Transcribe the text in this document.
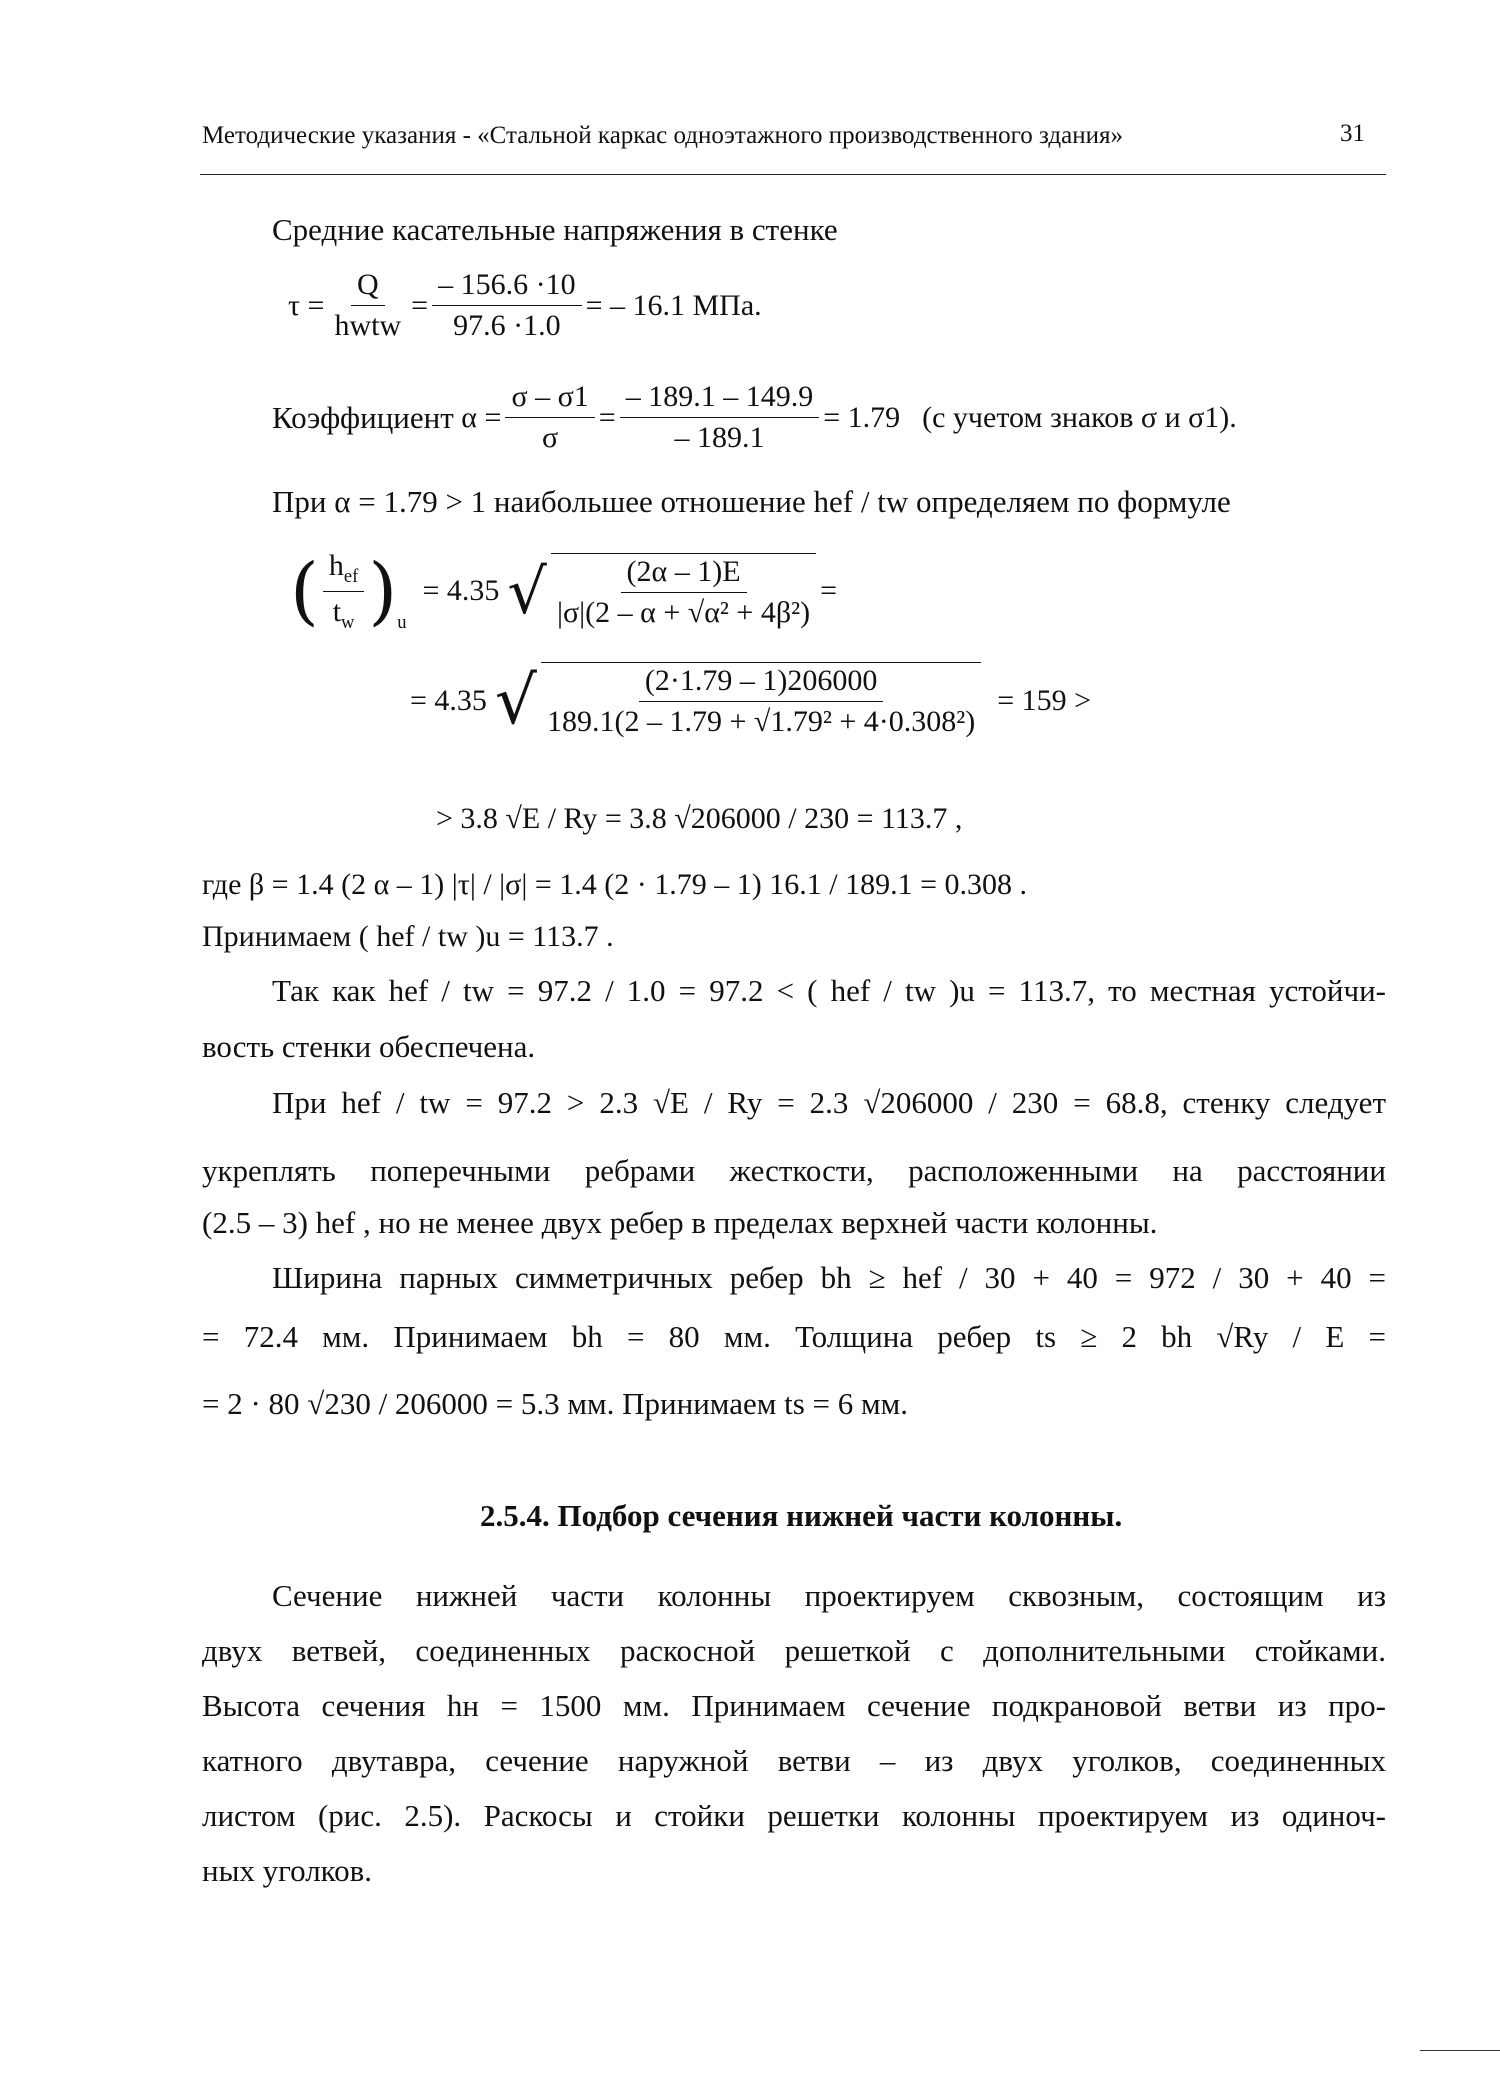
Методические указания - «Стальной каркас одноэтажного производственного здания»	31
Средние касательные напряжения в стенке
$\tau = \frac{Q}{\text{hwtw}} = \frac{- 156.6 \cdot 10}{97.6 \cdot 1.0}$ = – 16.1 МПа.
Коэффициент $\alpha = \frac{\sigma - \sigma 1}{\sigma} = \frac{- 189.1 - 149.9}{- 189.1} = 1.79$ (с учетом знаков σ и σ1).
При α = 1.79 > 1 наибольшее отношение hef / tw определяем по формуле
( $\frac{h_{ef}}{t_w} )_u$
= 4.35 √ $\frac{(2\alpha - 1)E}{\text{|σ|(2 – α + √α² + 4β²)}}$ =
= 4.35 √ $\frac{(2\cdot 1.79 - 1)206000}{\text{189.1(2 – 1.79 + √1.79² + 4·0.308²)}} = 159$ >
> 3.8 √E / Ry = 3.8 √206000 / 230 = 113.7 ,
где β = 1.4 (2 α – 1) |τ| / |σ| = 1.4 (2 · 1.79 – 1) 16.1 / 189.1 = 0.308 .
Принимаем ( hef / tw )u = 113.7 .
Так как hef / tw = 97.2 / 1.0 = 97.2 < ( hef / tw )u = 113.7, то местная устойчи-
вость стенки обеспечена.
При hef / tw = 97.2 > 2.3 √E / Ry = 2.3 √206000 / 230 = 68.8, стенку следует
укреплять поперечными ребрами жесткости, расположенными на расстоянии
(2.5 – 3) hef , но не менее двух ребер в пределах верхней части колонны.
Ширина парных симметричных ребер bh ≥ hef / 30 + 40 = 972 / 30 + 40 =
= 72.4 мм. Принимаем bh = 80 мм. Толщина ребер ts ≥ 2 bh √Ry / E =
= 2 · 80 √230 / 206000 = 5.3 мм. Принимаем ts = 6 мм.
2.5.4. Подбор сечения нижней части колонны.
Сечение нижней части колонны проектируем сквозным, состоящим из
двух ветвей, соединенных раскосной решеткой с дополнительными стойками.
Высота сечения hн = 1500 мм. Принимаем сечение подкрановой ветви из про-
катного двутавра, сечение наружной ветви – из двух уголков, соединенных
листом (рис. 2.5). Раскосы и стойки решетки колонны проектируем из одиноч-
ных уголков.
